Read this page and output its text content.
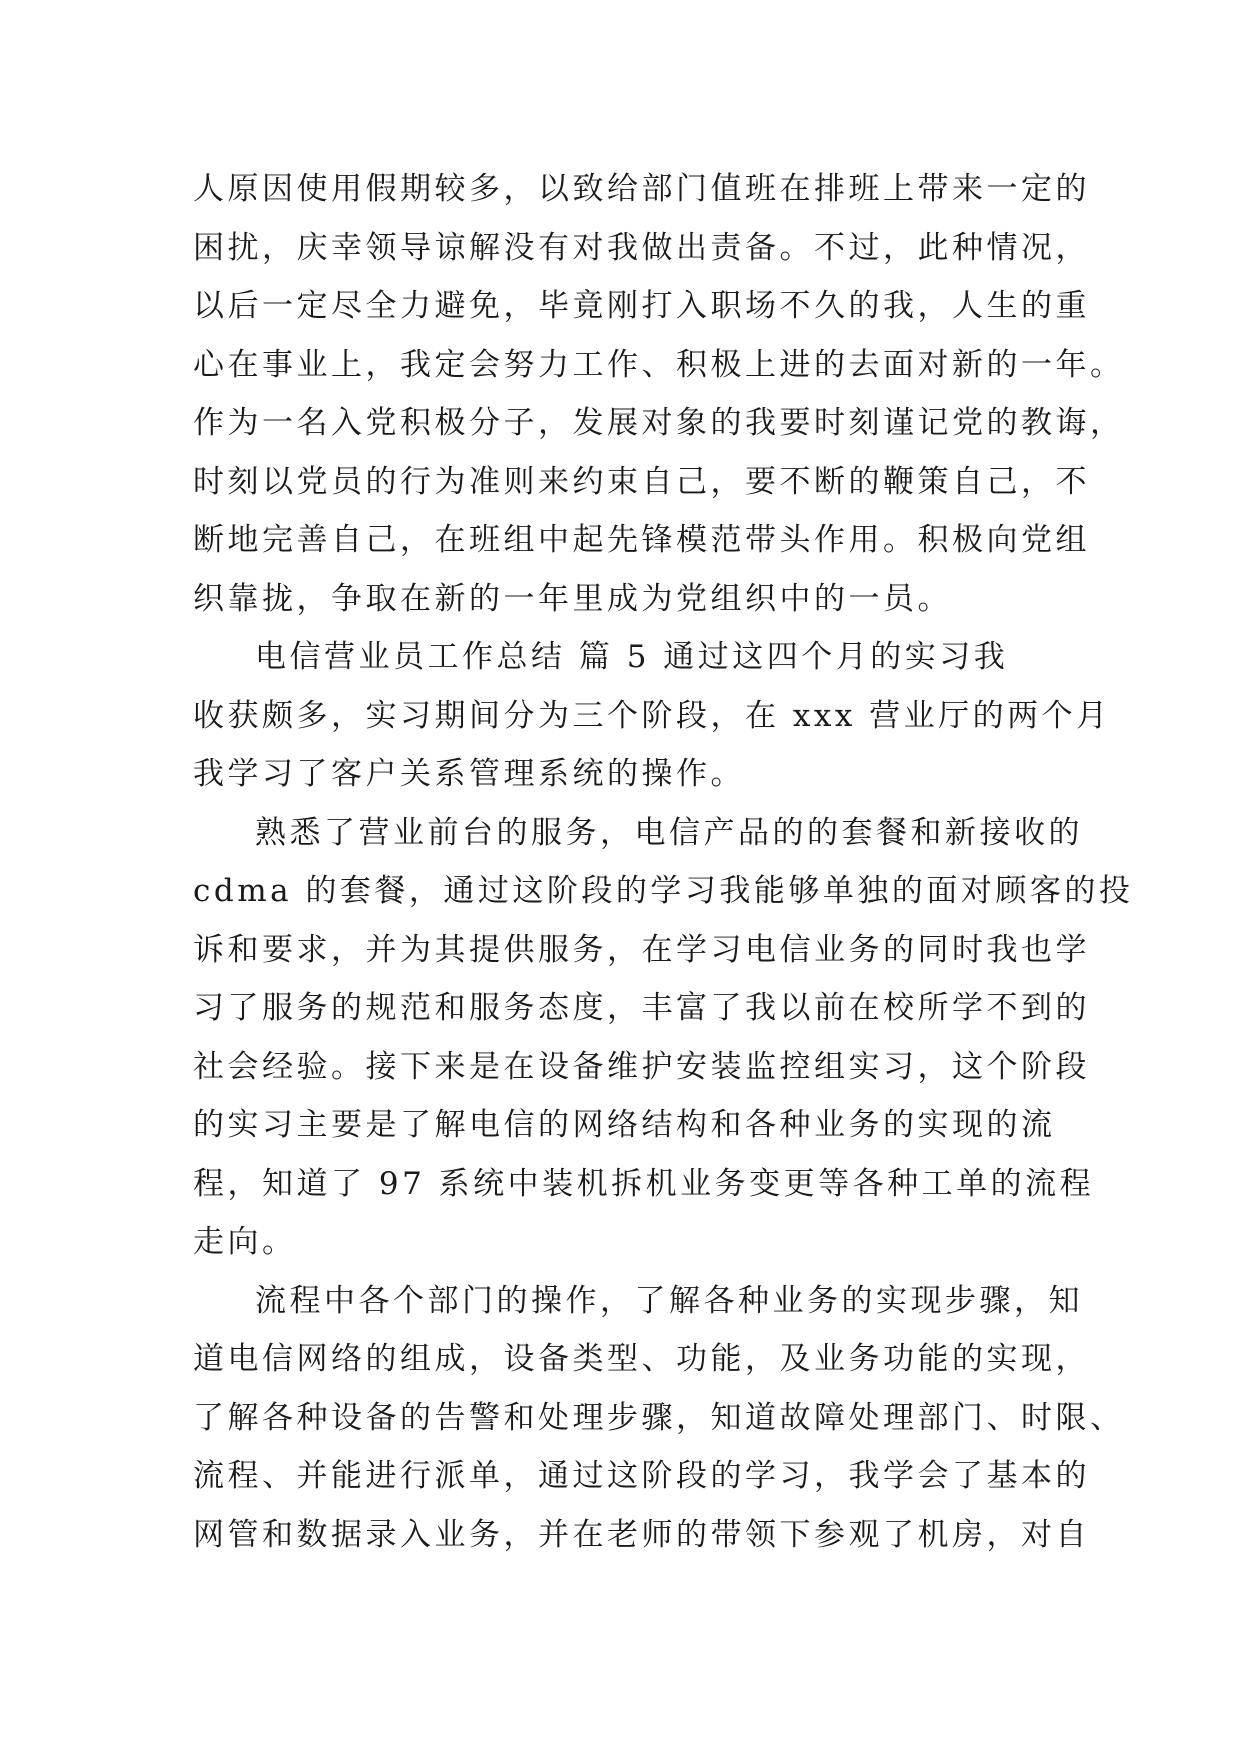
人原因使用假期较多，以致给部门值班在排班上带来一定的
困扰，庆幸领导谅解没有对我做出责备。不过，此种情况，
以后一定尽全力避免，毕竟刚打入职场不久的我，人生的重
心在事业上，我定会努力工作、积极上进的去面对新的一年。
作为一名入党积极分子，发展对象的我要时刻谨记党的教诲，
时刻以党员的行为准则来约束自己，要不断的鞭策自己，不
断地完善自己，在班组中起先锋模范带头作用。积极向党组
织靠拢，争取在新的一年里成为党组织中的一员。
电信营业员工作总结 篇 5 通过这四个月的实习我
收获颇多，实习期间分为三个阶段，在 xxx 营业厅的两个月
我学习了客户关系管理系统的操作。
熟悉了营业前台的服务，电信产品的的套餐和新接收的
cdma 的套餐，通过这阶段的学习我能够单独的面对顾客的投
诉和要求，并为其提供服务，在学习电信业务的同时我也学
习了服务的规范和服务态度，丰富了我以前在校所学不到的
社会经验。接下来是在设备维护安装监控组实习，这个阶段
的实习主要是了解电信的网络结构和各种业务的实现的流
程，知道了 97 系统中装机拆机业务变更等各种工单的流程
走向。
流程中各个部门的操作，了解各种业务的实现步骤，知
道电信网络的组成，设备类型、功能，及业务功能的实现，
了解各种设备的告警和处理步骤，知道故障处理部门、时限、
流程、并能进行派单，通过这阶段的学习，我学会了基本的
网管和数据录入业务，并在老师的带领下参观了机房，对自
